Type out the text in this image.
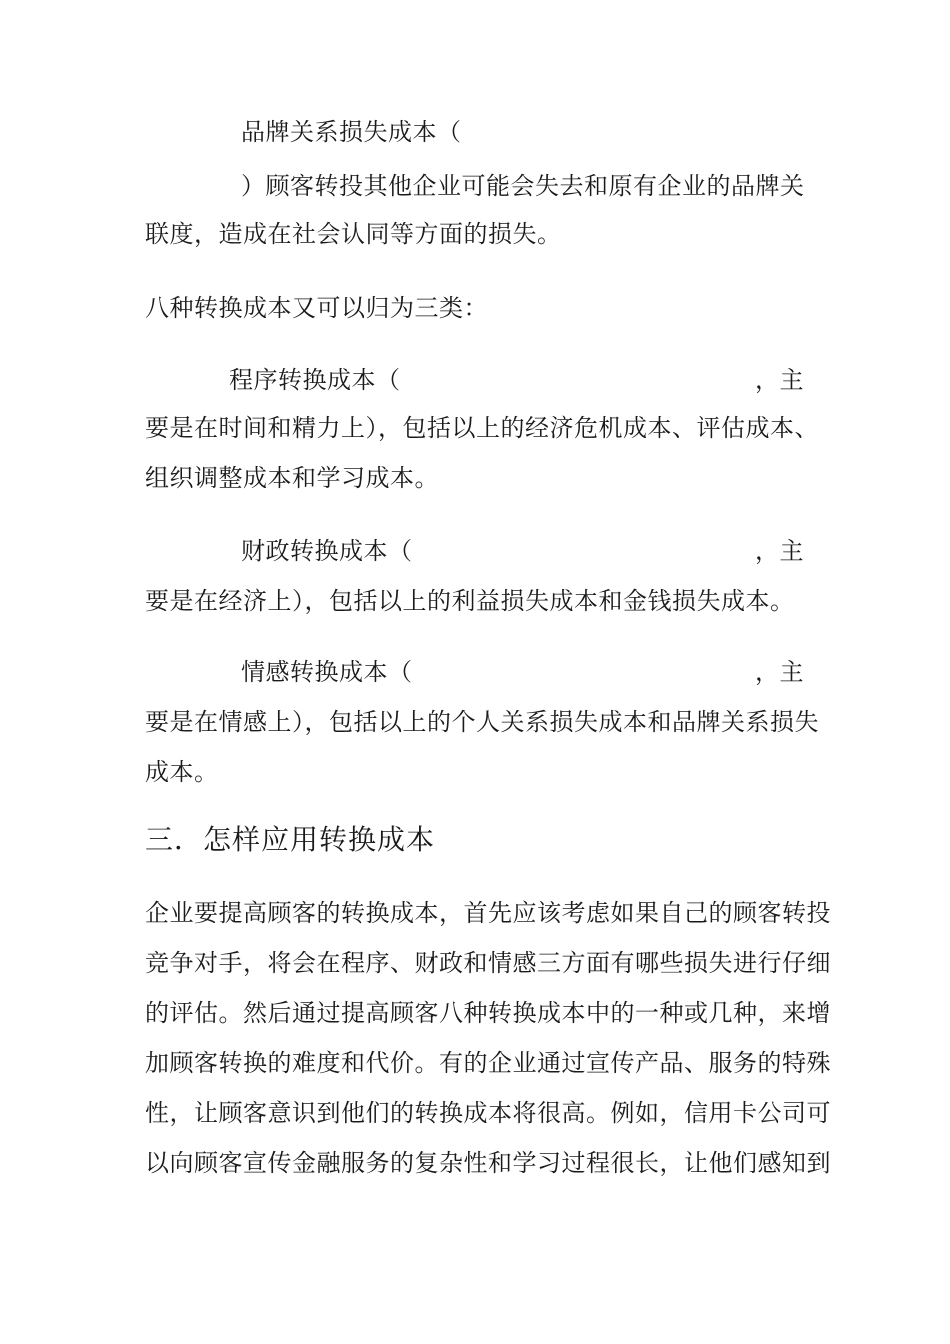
品牌关系损失成本（
）顾客转投其他企业可能会失去和原有企业的品牌关
联度，造成在社会认同等方面的损失。
八种转换成本又可以归为三类：
程序转换成本（	，主
要是在时间和精力上），包括以上的经济危机成本、评估成本、
组织调整成本和学习成本。
财政转换成本（	，主
要是在经济上），包括以上的利益损失成本和金钱损失成本。
情感转换成本（	，主
要是在情感上），包括以上的个人关系损失成本和品牌关系损失
成本。
三．怎样应用转换成本
企业要提高顾客的转换成本，首先应该考虑如果自己的顾客转投
竞争对手，将会在程序、财政和情感三方面有哪些损失进行仔细
的评估。然后通过提高顾客八种转换成本中的一种或几种，来增
加顾客转换的难度和代价。有的企业通过宣传产品、服务的特殊
性，让顾客意识到他们的转换成本将很高。例如，信用卡公司可
以向顾客宣传金融服务的复杂性和学习过程很长，让他们感知到
